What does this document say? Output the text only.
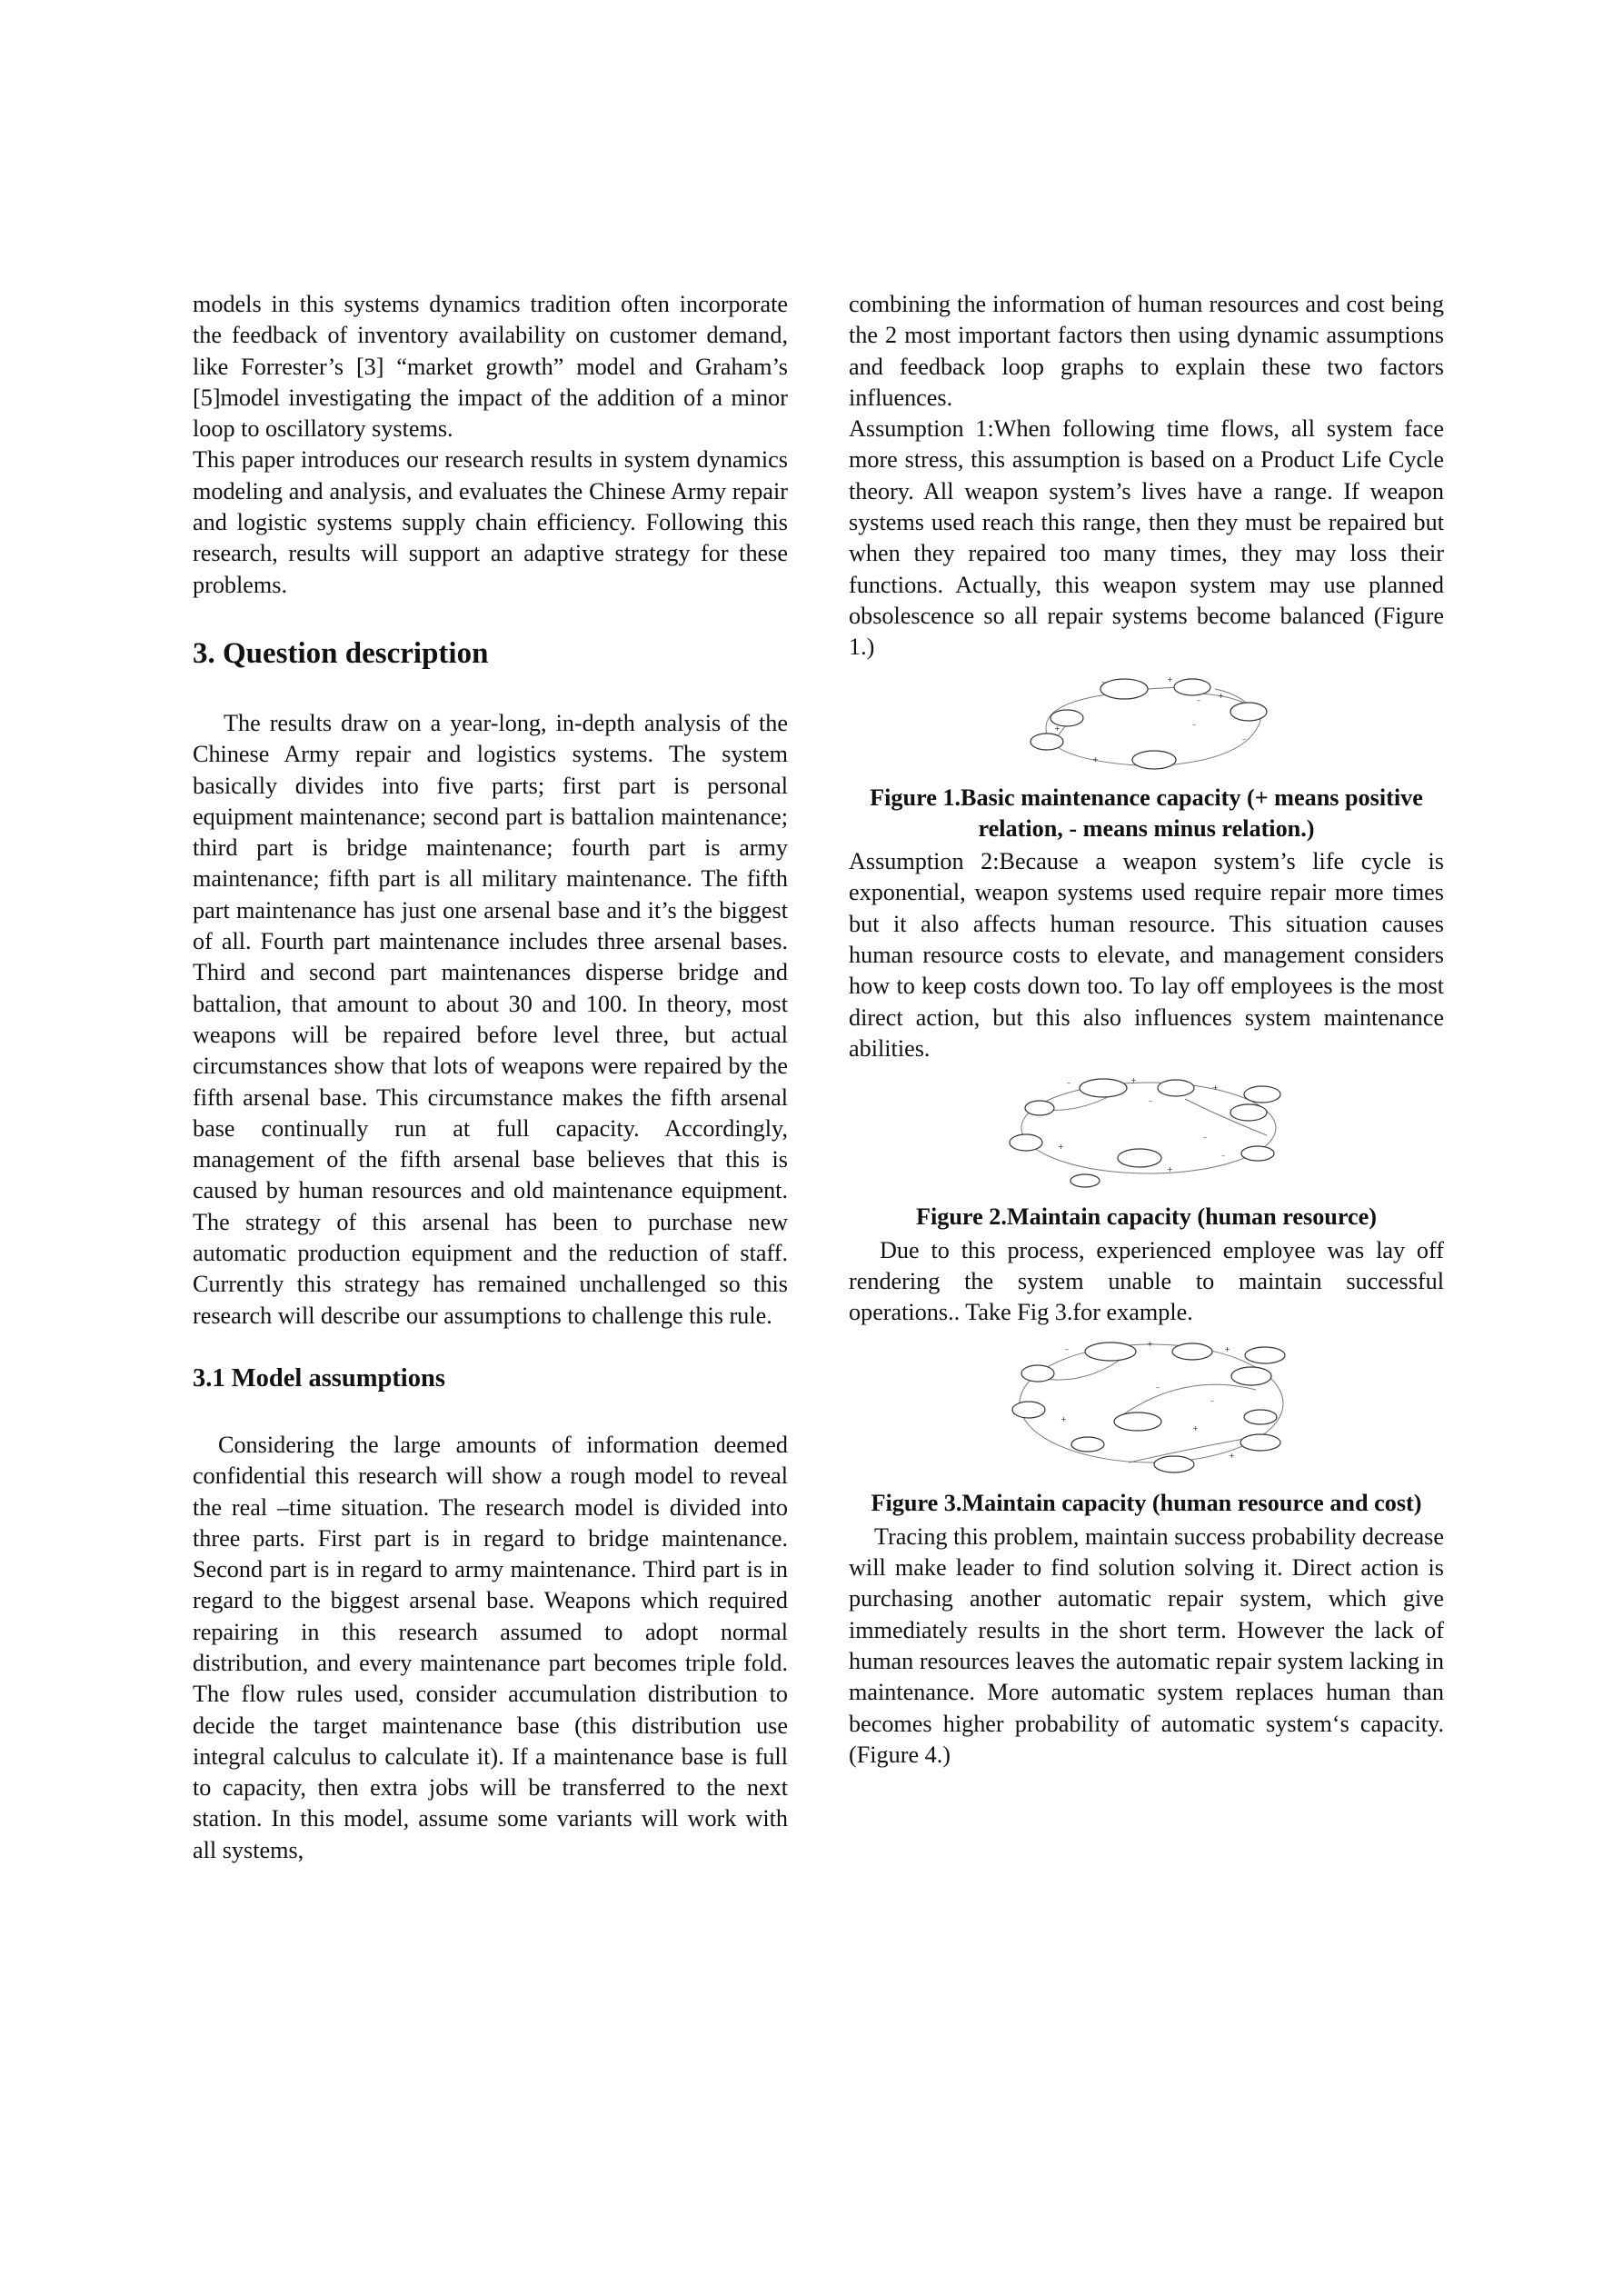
models in this systems dynamics tradition often incorporate the feedback of inventory availability on customer demand, like Forrester’s [3] “market growth” model and Graham’s [5]model investigating the impact of the addition of a minor loop to oscillatory systems.

This paper introduces our research results in system dynamics modeling and analysis, and evaluates the Chinese Army repair and logistic systems supply chain efficiency. Following this research, results will support an adaptive strategy for these problems.

3. Question description

The results draw on a year-long, in-depth analysis of the Chinese Army repair and logistics systems. The system basically divides into five parts; first part is personal equipment maintenance; second part is battalion maintenance; third part is bridge maintenance; fourth part is army maintenance; fifth part is all military maintenance. The fifth part maintenance has just one arsenal base and it’s the biggest of all. Fourth part maintenance includes three arsenal bases. Third and second part maintenances disperse bridge and battalion, that amount to about 30 and 100. In theory, most weapons will be repaired before level three, but actual circumstances show that lots of weapons were repaired by the fifth arsenal base. This circumstance makes the fifth arsenal base continually run at full capacity. Accordingly, management of the fifth arsenal base believes that this is caused by human resources and old maintenance equipment. The strategy of this arsenal has been to purchase new automatic production equipment and the reduction of staff. Currently this strategy has remained unchallenged so this research will describe our assumptions to challenge this rule.

3.1 Model assumptions

Considering the large amounts of information deemed confidential this research will show a rough model to reveal the real –time situation. The research model is divided into three parts. First part is in regard to bridge maintenance. Second part is in regard to army maintenance. Third part is in regard to the biggest arsenal base. Weapons which required repairing in this research assumed to adopt normal distribution, and every maintenance part becomes triple fold. The flow rules used, consider accumulation distribution to decide the target maintenance base (this distribution use integral calculus to calculate it). If a maintenance base is full to capacity, then extra jobs will be transferred to the next station. In this model, assume some variants will work with all systems,

combining the information of human resources and cost being the 2 most important factors then using dynamic assumptions and feedback loop graphs to explain these two factors influences.

Assumption 1:When following time flows, all system face more stress, this assumption is based on a Product Life Cycle theory. All weapon system’s lives have a range. If weapon systems used reach this range, then they must be repaired but when they repaired too many times, they may loss their functions. Actually, this weapon system may use planned obsolescence so all repair systems become balanced (Figure 1.)

+
–
–
+
+
–
–
+
Figure 1.Basic maintenance capacity (+ means positive relation, - means minus relation.)

Assumption 2:Because a weapon system’s life cycle is exponential, weapon systems used require repair more times but it also affects human resource. This situation causes human resource costs to elevate, and management considers how to keep costs down too. To lay off employees is the most direct action, but this also influences system maintenance abilities.

+
–
+
+
–
+
–
–
Figure 2.Maintain capacity (human resource)

Due to this process, experienced employee was lay off rendering the system unable to maintain successful operations.. Take Fig 3.for example.

+
+
+
+
–
+
–
–
Figure 3.Maintain capacity (human resource and cost)

Tracing this problem, maintain success probability decrease will make leader to find solution solving it. Direct action is purchasing another automatic repair system, which give immediately results in the short term. However the lack of human resources leaves the automatic repair system lacking in maintenance. More automatic system replaces human than becomes higher probability of automatic system‘s capacity. (Figure 4.)
